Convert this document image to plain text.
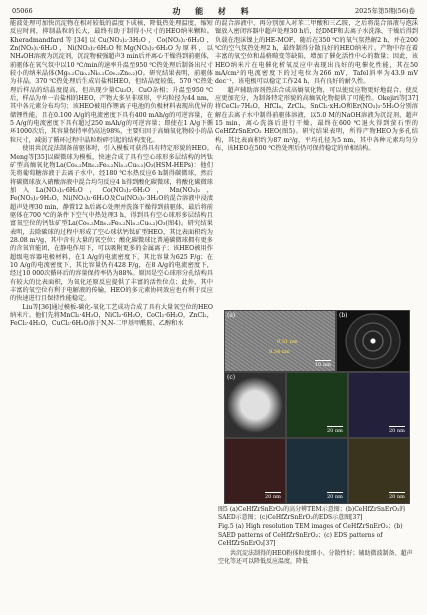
05066	功 能 材 料	2025年第5期(56)卷

能波处理可加快沉淀物在相对较低的温度下成核，降低热处理温度，缩短反应时间，抑制晶粒的长大，最终有助于制得小尺寸的HEO纳米颗粒。Kheradmandfard等[34]以Cu(NO₃)₂·3H₂O，Co(NO₃)₂·6H₂O，Zn(NO₃)₂·6H₂O，Ni(NO₃)₂·6H₂O和Mg(NO₃)₂·6H₂O为原料，以NH₄OH溶液为沉淀剂，沉淀物被强超声3 min后并离心干燥得到前驱体，前驱体在氧气氛中以10 ℃/min的速率升温至950 ℃热处理后制备出尺寸较小的纳米晶体(Mg₀.₂Cu₀.₂Ni₀.₂Co₀.₂Zn₀.₂)O。研究结果表明，前驱体为非晶，370 ℃热处理后生成岩盐相HEO，但结晶度较低，570 ℃热处理后样品的结晶度提高，但出现少量Cu₂O，CuO杂相；升温至950 ℃后，样品为单一岩盐相的HEO，产物大多呈非球形，平均粒径为44 nm，其中各元素分布均匀；该HEO被用作锂离子电池的负极材料表现出优异的储锂性能，且在0.100 A/g的电流密度下具有400 mAh/g的可逆容量，在5 A/g的电流密度下具有超过250 mAh/g的可逆容量；即使在1 A/g下循环1000次后，其容量保持率仍高达98%，主要归因于高熵氧化物较小的晶粒尺寸，减弱了循环过程中晶粒粉碎引起的结构变化。

使用共沉淀法制备前驱体时，引入模板可获得具有特定形貌的HEO。Meng等[35]以碳微球为模板，快速合成了具有空心球形多层结构的钙钛矿型高熵氧化物La(Co₀.₂Mn₀.₂Fe₀.₂Ni₀.₂Cu₀.₂)O₃(HSM-HEPs)：他们先将葡萄糖溶液于去离子水中，经180 ℃水热反应6 h制得碳微球，然后将碳微球放入硝酸溶液中混合均匀反应4 h得到酸化碳微球，将酸化碳微球加入La(NO₃)₃·6H₂O，Co(NO₃)₂·6H₂O，Mn(NO₃)₂，Fe(NO₃)₃·9H₂O，Ni(NO₃)₂·6H₂O及Cu(NO₃)₂·3H₂O的混合溶液中浸渍超声处理30 min，静置12 h后离心处理并洗涤干燥得到前驱体，最后将前驱体在700 ℃的条件下空气中热处理3 h，得到具有空心球形多层结构且富氧空位的钙钛矿型La(Co₀.₂Mn₀.₂Fe₀.₂Ni₀.₂Cu₀.₂)O₃(图4)。研究结果表明，去除碳球的过程中形成了空心球状钙钛矿型HEO，其比表面积约为28.08 m²/g，其中含有大量的氧空位；酸化碳微球比普通碳微球拥有更多的含氧官能团，在静电作用下，可以吸附更多的金属离子；该HEO被用作超级电容器电极材料，在1 A/g的电流密度下，其比容量为625 F/g；在10 A/g的电流密度下，其比容量仍有428 F/g，在8 A/g的电流密度下，经过10 000次循环后的容量保持率仍为88%。原因是空心球形分孔结构具有较大的比表面积，为氧化还原反应提供了丰富的活性位点；此外，其中丰富的氧空位有利于电解液的传输，HEO的多元素协同效应也有利于反应的快速进行且保持性能稳定。

Liu等[36]通过模板-碳化-氧化工艺成功合成了具有大量氧空位的HEO纳米片。他们先将MnCl₂·4H₂O，NiCl₂·6H₂O，CoCl₂·6H₂O，ZnCl₂，FeCl₂·4H₂O，CuCl₂·6H₂O溶于N,N-二甲基甲酰胺、乙醇和水

的混合溶液中，再分别加入对苯二甲酸和三乙胺，之后将混合溶液与泡沫镍放入密闭容器中超声处理30 h后，经DMF和去离子水洗涤、干燥后得到负载在泡沫镍上的HE-MOF，随后在350 ℃的氧气氛热解2 h，并在200 ℃的空气氛热处理2 h，最终制得分散良好的HEO纳米片。产物中存在着丰富的氧空位和晶格畸变等缺陷，增加了催化活性中心的数量；因此，该HEO纳米片在电催化析氧反应中表现出良好的电催化性能，其在50 mA/cm²的电流密度下的过电位为266 mV，Tafel斜率为43.9 mV dec⁻¹，该电极可以稳定工作24 h，具有良好的耐久性。

超声辅助溶剂热法合成高熵氧化物，可以使反应物更好地混合，使反应更加充分，为制备特定形貌的高熵氧化物提供了可能性。Okejiri等[37]将CeCl₃·7H₂O，HfCl₄，ZrCl₄，SnCl₂·xH₂O和Er(NO₃)₃·5H₂O分别溶解在去离子水中制得前驱体溶液，以5.0 M的NaOH溶液为沉淀剂，超声15 min，离心洗涤后进行干燥，最终在600 ℃退火得到萤石型的CeHfZrSnErO₂ HEO(图5)。研究结果表明，所得产物HEO为多孔结构，其比表面积约为87 m²/g，平均孔径为5 nm，其中各种元素均匀分布，该HEO在500 ℃热处理后仍可保持稳定的单相结构。

(a)
0.31 nm
0.34 nm
10 nm
(b)
(c)
20 nm	20 nm
20 nm	20 nm	20 nm
图5 (a)CeHfZrSnErO₂的高分辨TEM示意图；(b)CeHfZrSnErO₂的SAED示意图；(c)CeHfZrSnErO₂的EDS示意图[37]
Fig.5 (a) High resolution TEM images of CeHfZrSnErO₂；(b) SAED patterns of CeHfZrSnErO₂；(c) EDS patterns of CeHfZrSnErO₂[37]
共沉淀法制得的HEO粉体粒度细小、分散性好；辅助微波制备、超声空化等还可以降低反应温度，降低
